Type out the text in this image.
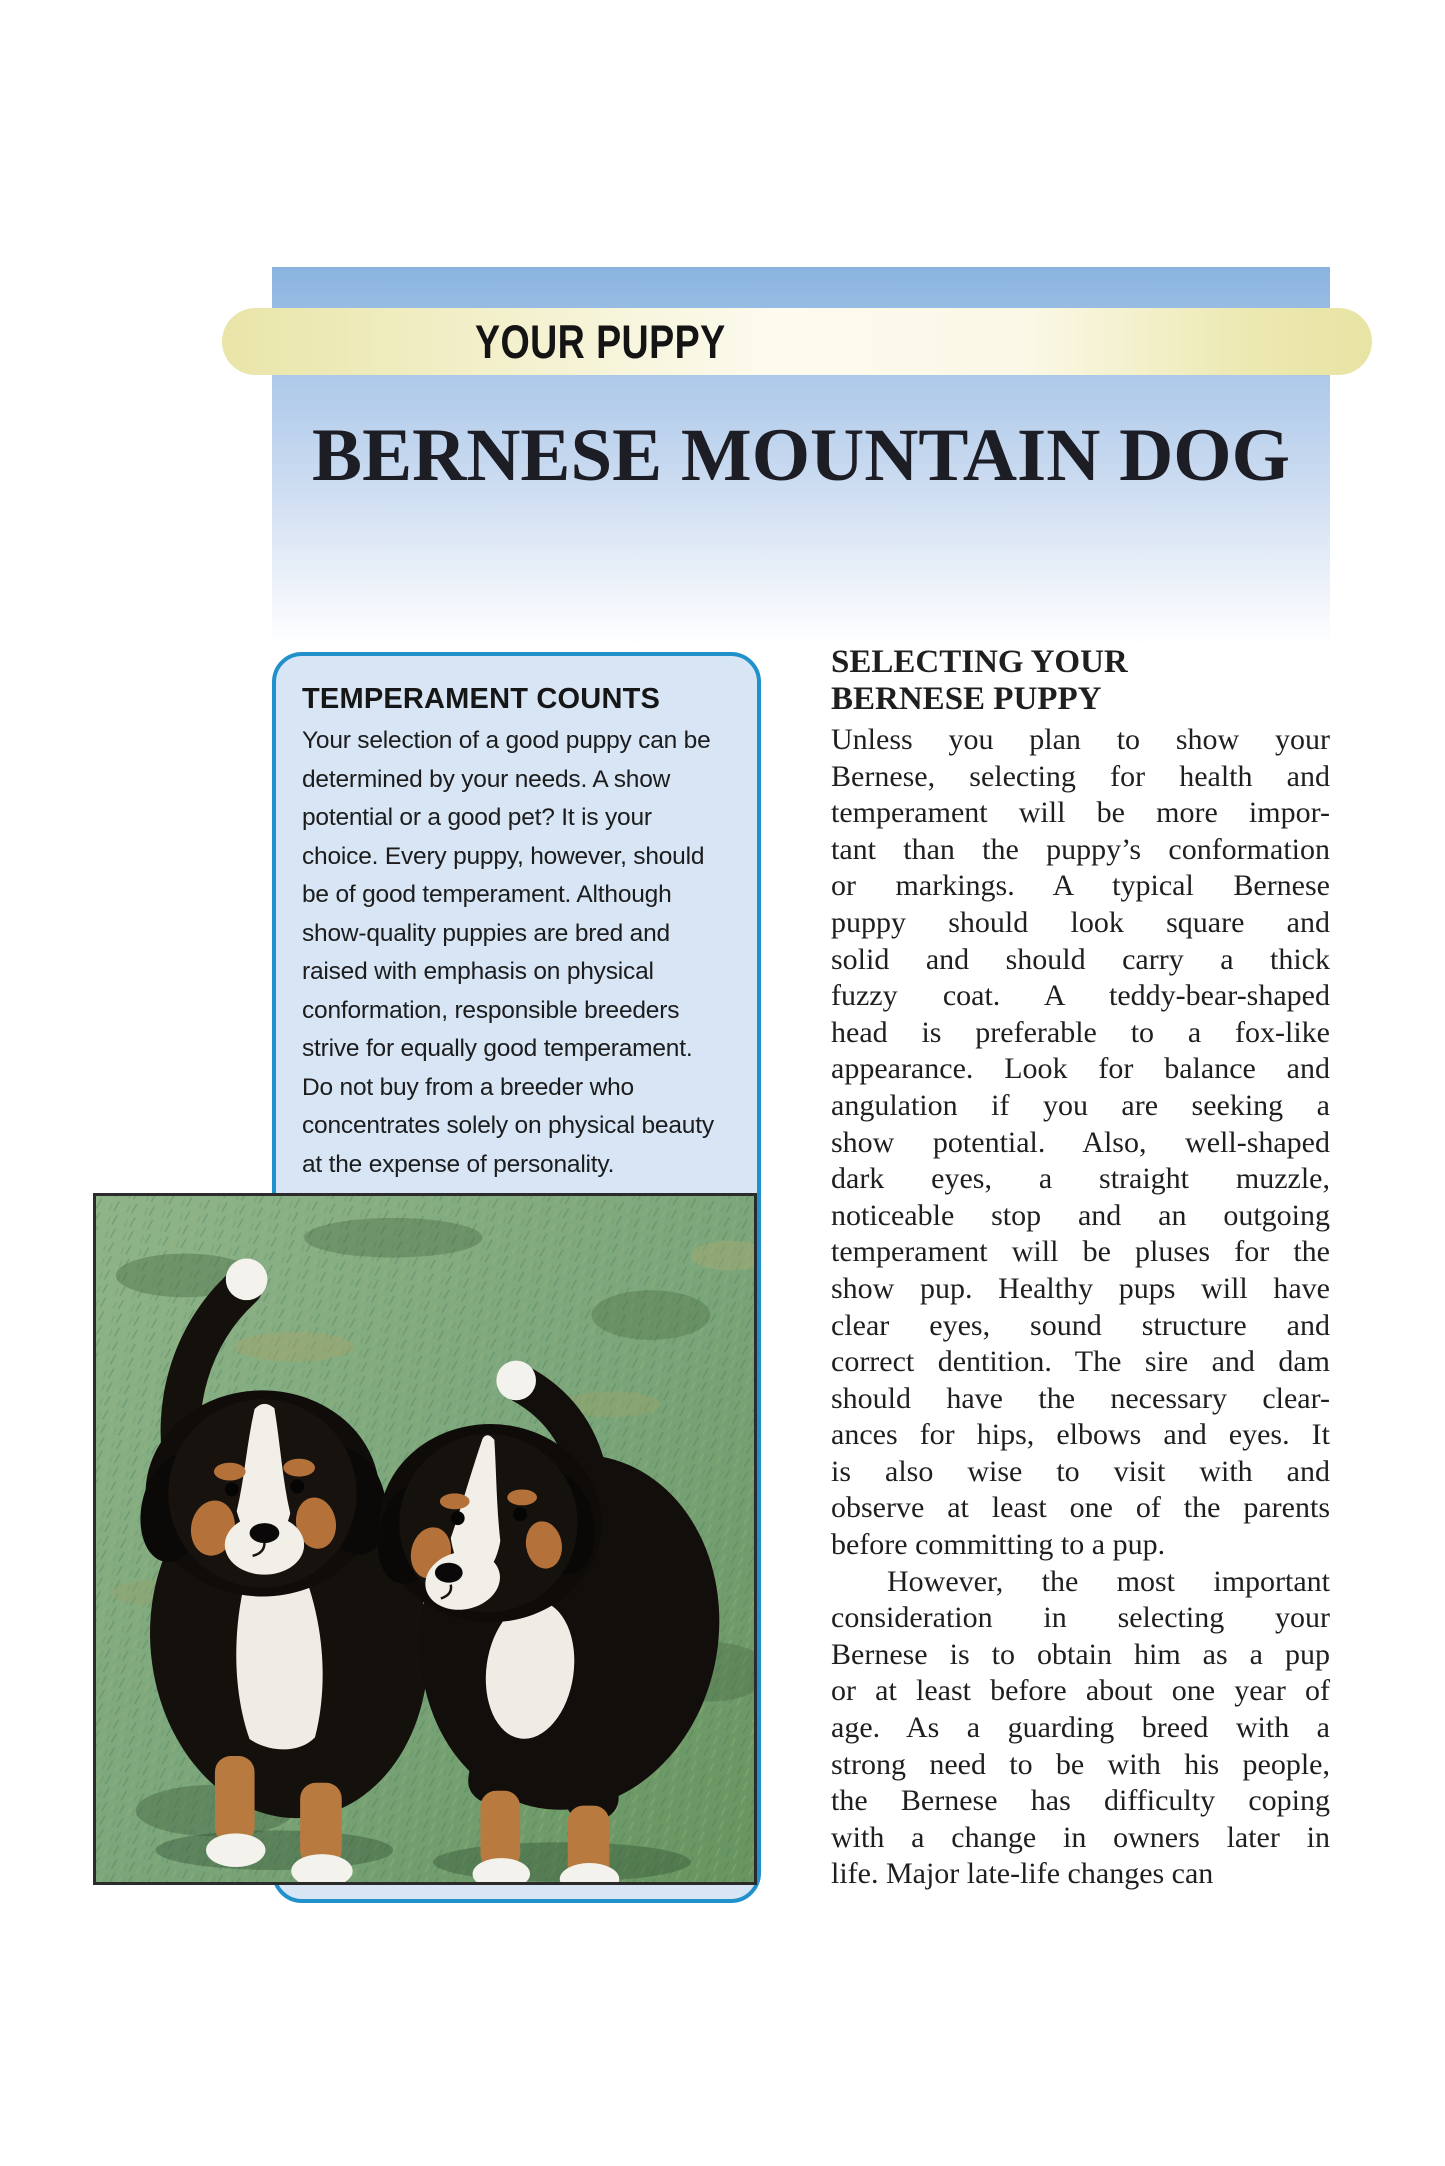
YOUR PUPPY
BERNESE MOUNTAIN DOG
TEMPERAMENT COUNTS
Your selection of a good puppy can be
determined by your needs. A show
potential or a good pet? It is your
choice. Every puppy, however, should
be of good temperament. Although
show-quality puppies are bred and
raised with emphasis on physical
conformation, responsible breeders
strive for equally good temperament.
Do not buy from a breeder who
concentrates solely on physical beauty
at the expense of personality.
SELECTING YOUR
BERNESE PUPPY
Unless you plan to show your
Bernese, selecting for health and
temperament will be more impor-
tant than the puppy’s conformation
or markings. A typical Bernese
puppy should look square and
solid and should carry a thick
fuzzy coat. A teddy-bear-shaped
head is preferable to a fox-like
appearance. Look for balance and
angulation if you are seeking a
show potential. Also, well-shaped
dark eyes, a straight muzzle,
noticeable stop and an outgoing
temperament will be pluses for the
show pup. Healthy pups will have
clear eyes, sound structure and
correct dentition. The sire and dam
should have the necessary clear-
ances for hips, elbows and eyes. It
is also wise to visit with and
observe at least one of the parents
before committing to a pup.
However, the most important
consideration in selecting your
Bernese is to obtain him as a pup
or at least before about one year of
age. As a guarding breed with a
strong need to be with his people,
the Bernese has difficulty coping
with a change in owners later in
life. Major late-life changes can
